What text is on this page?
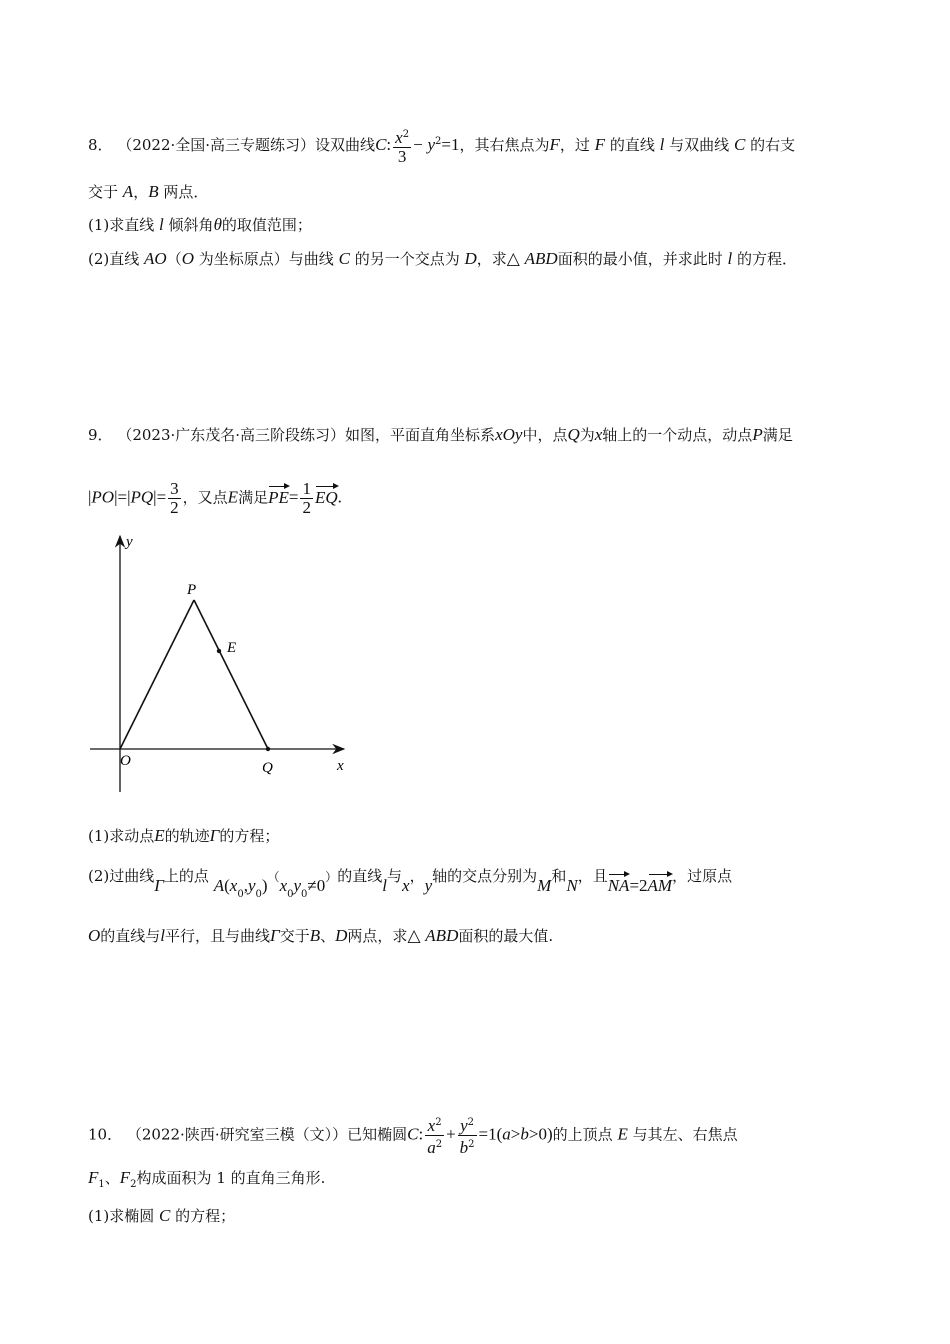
8． （2022·全国·高三专题练习）设双曲线C: $\frac{x^2}{3} - y^2=1$，其右焦点为F，过 F 的直线 l 与双曲线 C 的右支
交于 A，B 两点．
(1)求直线 l 倾斜角θ的取值范围；
(2)直线 AO（O 为坐标原点）与曲线 C 的另一个交点为 D，求△ ABD面积的最小值，并求此时 l 的方程．
9． （2023·广东茂名·高三阶段练习）如图，平面直角坐标系xOy中，点Q为x轴上的一个动点，动点P满足
$|PO|=|PQ|= \frac{3}{2}$ ，又点E满足$PE= \frac{1}{2}$ EQ.
y
x
O
P
E
Q
(1)求动点E的轨迹Γ的方程；
(2)过曲线Γ上的点 $A(x_0,y_0)(x_0y_0\ne 0)$的直线l与x，y轴的交点分别为M和N，且NA=2AM，过原点
O的直线与l平行，且与曲线Γ交于B、D两点，求△ ABD面积的最大值.
10． （2022·陕西·研究室三模（文））已知椭圆C: $\frac{x^2}{a^2} + \frac{y^2}{b^2} =1(a>b>0)$的上顶点 E 与其左、右焦点
$F_1$、$F_2$构成面积为 1 的直角三角形.
(1)求椭圆 C 的方程；
